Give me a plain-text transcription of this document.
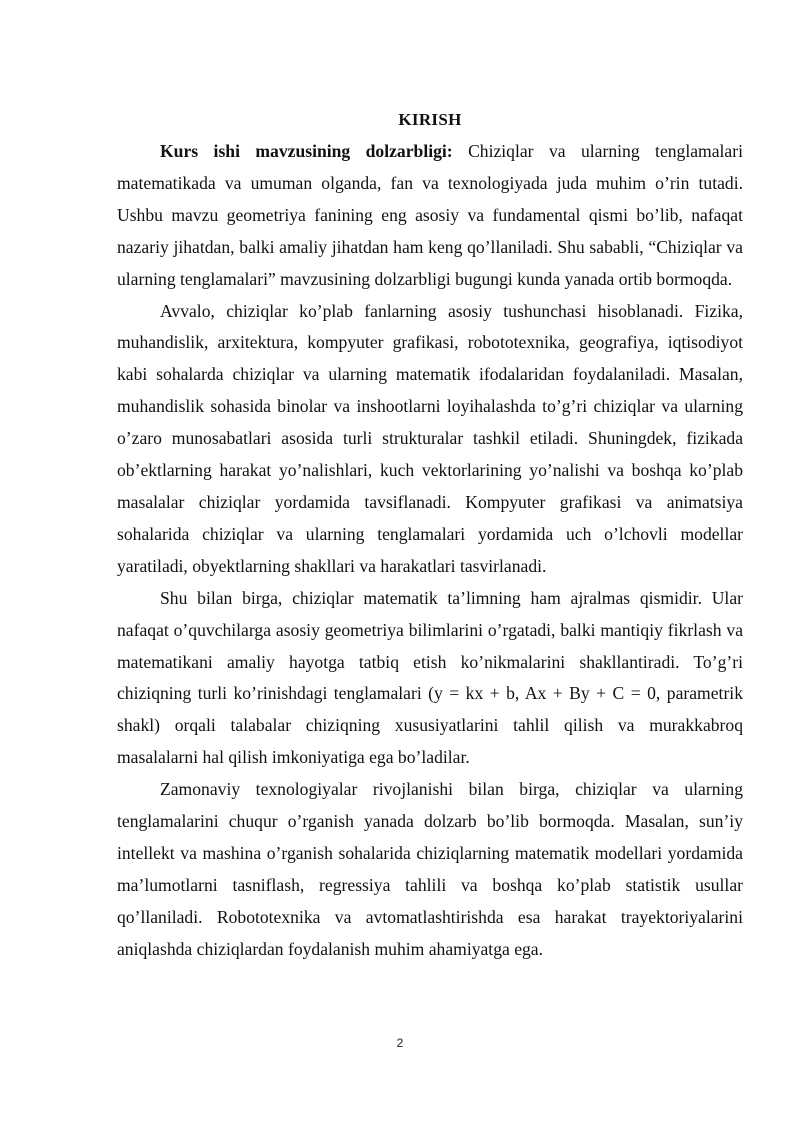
KIRISH

Kurs ishi mavzusining dolzarbligi: Chiziqlar va ularning tenglamalari matematikada va umuman olganda, fan va texnologiyada juda muhim o’rin tutadi. Ushbu mavzu geometriya fanining eng asosiy va fundamental qismi bo’lib, nafaqat nazariy jihatdan, balki amaliy jihatdan ham keng qo’llaniladi. Shu sababli, “Chiziqlar va ularning tenglamalari” mavzusining dolzarbligi bugungi kunda yanada ortib bormoqda.

Avvalo, chiziqlar ko’plab fanlarning asosiy tushunchasi hisoblanadi. Fizika, muhandislik, arxitektura, kompyuter grafikasi, robototexnika, geografiya, iqtisodiyot kabi sohalarda chiziqlar va ularning matematik ifodalaridan foydalaniladi. Masalan, muhandislik sohasida binolar va inshootlarni loyihalashda to’g’ri chiziqlar va ularning o’zaro munosabatlari asosida turli strukturalar tashkil etiladi. Shuningdek, fizikada ob’ektlarning harakat yo’nalishlari, kuch vektorlarining yo’nalishi va boshqa ko’plab masalalar chiziqlar yordamida tavsiflanadi. Kompyuter grafikasi va animatsiya sohalarida chiziqlar va ularning tenglamalari yordamida uch o’lchovli modellar yaratiladi, obyektlarning shakllari va harakatlari tasvirlanadi.

Shu bilan birga, chiziqlar matematik ta’limning ham ajralmas qismidir. Ular nafaqat o’quvchilarga asosiy geometriya bilimlarini o’rgatadi, balki mantiqiy fikrlash va matematikani amaliy hayotga tatbiq etish ko’nikmalarini shakllantiradi. To’g’ri chiziqning turli ko’rinishdagi tenglamalari (y = kx + b, Ax + By + C = 0, parametrik shakl) orqali talabalar chiziqning xususiyatlarini tahlil qilish va murakkabroq masalalarni hal qilish imkoniyatiga ega bo’ladilar.

Zamonaviy texnologiyalar rivojlanishi bilan birga, chiziqlar va ularning tenglamalarini chuqur o’rganish yanada dolzarb bo’lib bormoqda. Masalan, sun’iy intellekt va mashina o’rganish sohalarida chiziqlarning matematik modellari yordamida ma’lumotlarni tasniflash, regressiya tahlili va boshqa ko’plab statistik usullar qo’llaniladi. Robototexnika va avtomatlashtirishda esa harakat trayektoriyalarini aniqlashda chiziqlardan foydalanish muhim ahamiyatga ega.

2
